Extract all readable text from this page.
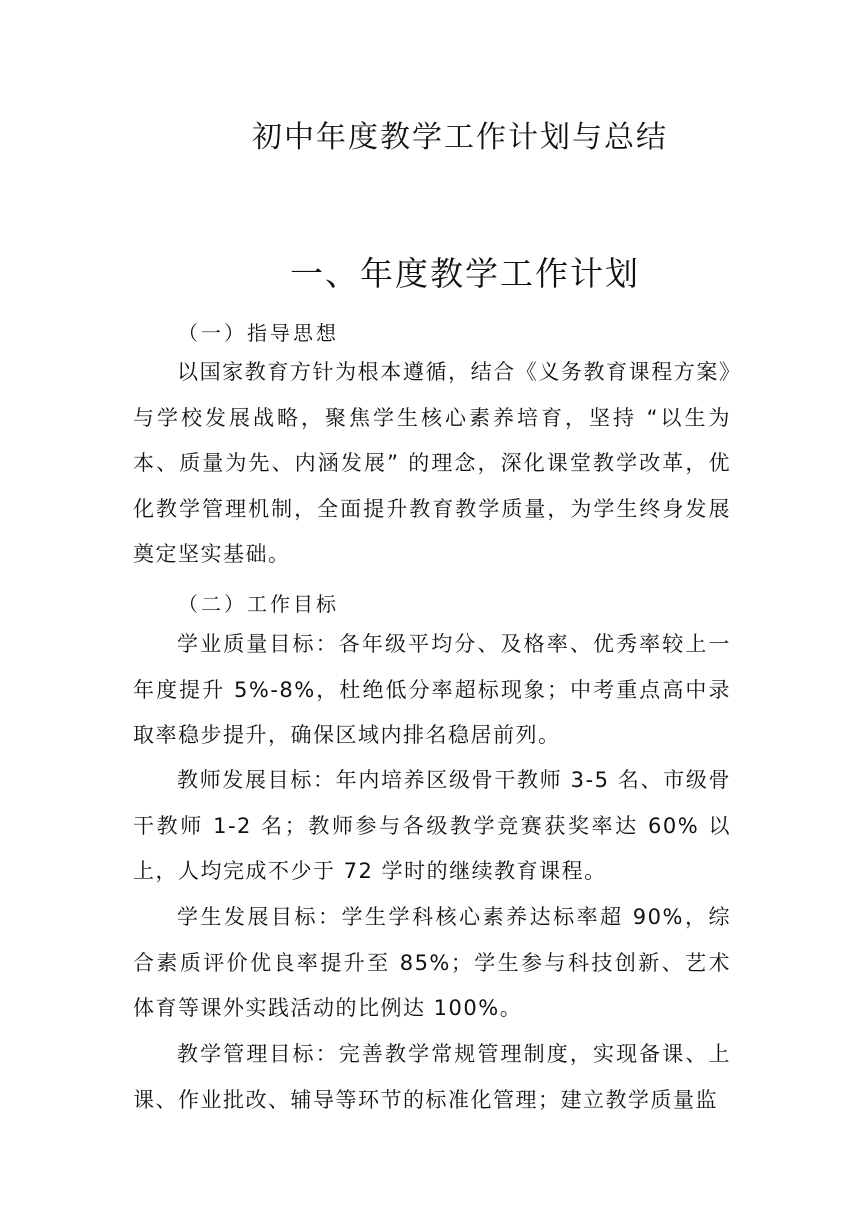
初中年度教学工作计划与总结
一、年度教学工作计划
（一）指导思想

以国家教育方针为根本遵循，结合《义务教育课程方案》与学校发展战略，聚焦学生核心素养培育，坚持 “以生为本、质量为先、内涵发展” 的理念，深化课堂教学改革，优化教学管理机制，全面提升教育教学质量，为学生终身发展奠定坚实基础。

（二）工作目标

学业质量目标：各年级平均分、及格率、优秀率较上一年度提升 5%-8%，杜绝低分率超标现象；中考重点高中录取率稳步提升，确保区域内排名稳居前列。

教师发展目标：年内培养区级骨干教师 3-5 名、市级骨干教师 1-2 名；教师参与各级教学竞赛获奖率达 60% 以上，人均完成不少于 72 学时的继续教育课程。

学生发展目标：学生学科核心素养达标率超 90%，综合素质评价优良率提升至 85%；学生参与科技创新、艺术体育等课外实践活动的比例达 100%。

教学管理目标：完善教学常规管理制度，实现备课、上课、作业批改、辅导等环节的标准化管理；建立教学质量监
